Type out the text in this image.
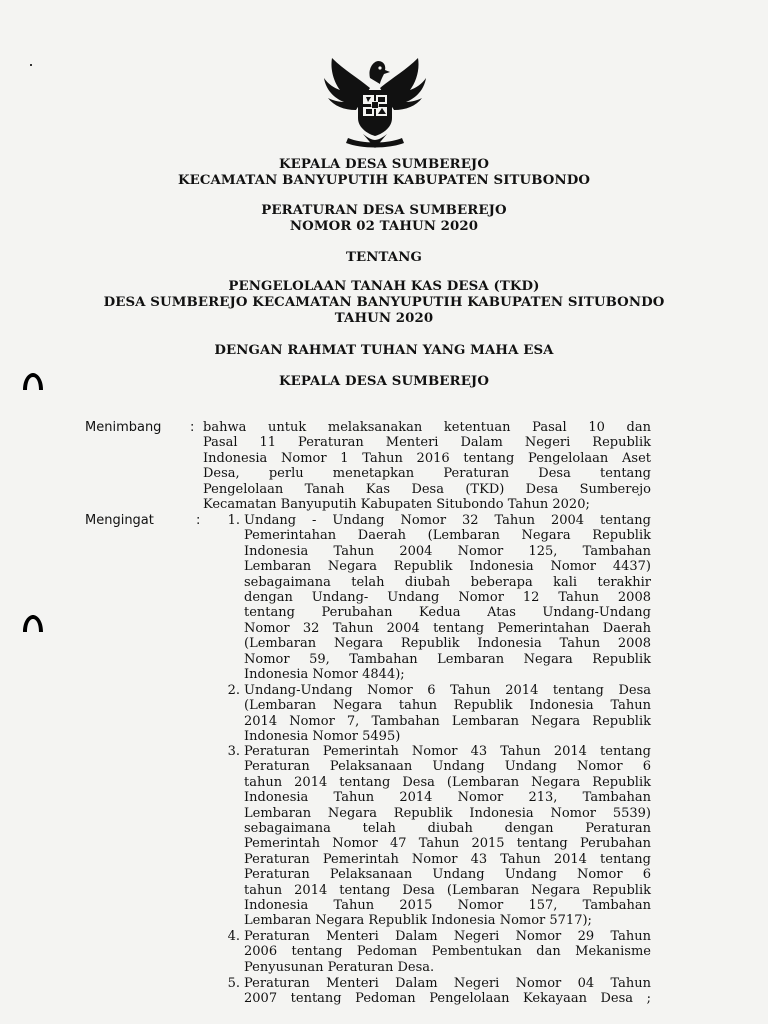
KEPALA DESA SUMBEREJO
KECAMATAN BANYUPUTIH KABUPATEN SITUBONDO
PERATURAN DESA SUMBEREJO
NOMOR 02 TAHUN 2020
TENTANG
PENGELOLAAN TANAH KAS DESA (TKD)
DESA SUMBEREJO KECAMATAN BANYUPUTIH KABUPATEN SITUBONDO
TAHUN 2020
DENGAN RAHMAT TUHAN YANG MAHA ESA
KEPALA DESA SUMBEREJO
Menimbang : bahwa untuk melaksanakan ketentuan Pasal 10 dan
Pasal 11 Peraturan Menteri Dalam Negeri Republik
Indonesia Nomor 1 Tahun 2016 tentang Pengelolaan Aset
Desa, perlu menetapkan Peraturan Desa tentang
Pengelolaan Tanah Kas Desa (TKD) Desa Sumberejo
Kecamatan Banyuputih Kabupaten Situbondo Tahun 2020;
Mengingat	:	1. Undang - Undang Nomor 32 Tahun 2004 tentang
Pemerintahan Daerah (Lembaran Negara Republik
Indonesia Tahun 2004 Nomor 125, Tambahan
Lembaran Negara Republik Indonesia Nomor 4437)
sebagaimana telah diubah beberapa kali terakhir
dengan Undang- Undang Nomor 12 Tahun 2008
tentang Perubahan Kedua Atas Undang-Undang
Nomor 32 Tahun 2004 tentang Pemerintahan Daerah
(Lembaran Negara Republik Indonesia Tahun 2008
Nomor 59, Tambahan Lembaran Negara Republik
Indonesia Nomor 4844);
2. Undang-Undang Nomor 6 Tahun 2014 tentang Desa
(Lembaran Negara tahun Republik Indonesia Tahun
2014 Nomor 7, Tambahan Lembaran Negara Republik
Indonesia Nomor 5495)
3. Peraturan Pemerintah Nomor 43 Tahun 2014 tentang
Peraturan Pelaksanaan Undang Undang Nomor 6
tahun 2014 tentang Desa (Lembaran Negara Republik
Indonesia Tahun 2014 Nomor 213, Tambahan
Lembaran Negara Republik Indonesia Nomor 5539)
sebagaimana telah diubah dengan Peraturan
Pemerintah Nomor 47 Tahun 2015 tentang Perubahan
Peraturan Pemerintah Nomor 43 Tahun 2014 tentang
Peraturan Pelaksanaan Undang Undang Nomor 6
tahun 2014 tentang Desa (Lembaran Negara Republik
Indonesia Tahun 2015 Nomor 157, Tambahan
Lembaran Negara Republik Indonesia Nomor 5717);
4. Peraturan Menteri Dalam Negeri Nomor 29 Tahun
2006 tentang Pedoman Pembentukan dan Mekanisme
Penyusunan Peraturan Desa.
5. Peraturan Menteri Dalam Negeri Nomor 04 Tahun
2007 tentang Pedoman Pengelolaan Kekayaan Desa ;
